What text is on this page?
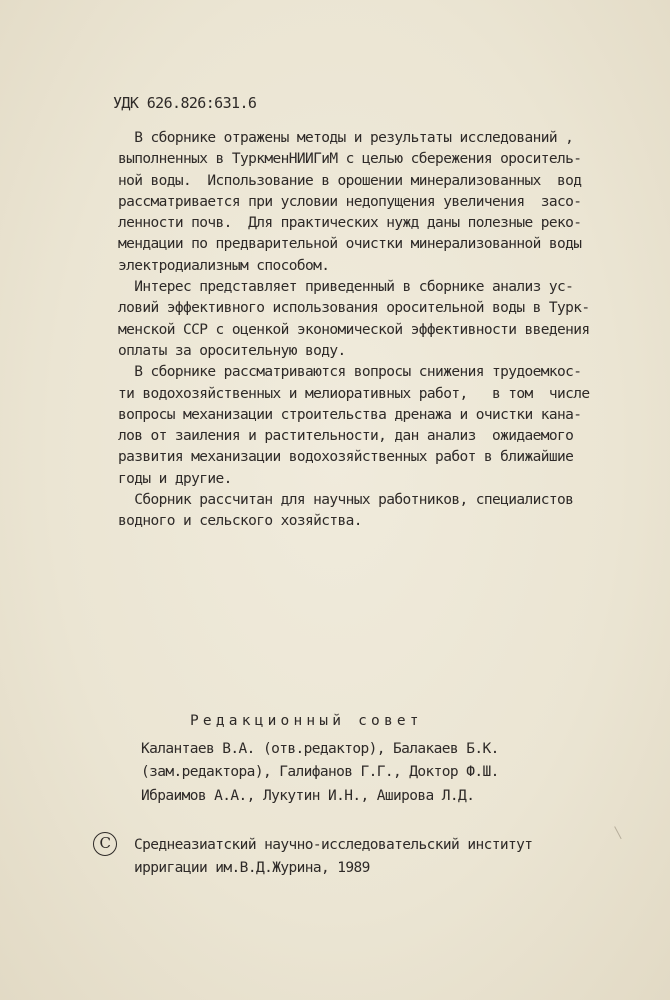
УДК 626.826:631.6
В сборнике отражены методы и результаты исследований ,
выполненных в ТуркменНИИГиМ с целью сбережения ороситель-
ной воды.  Использование в орошении минерализованных  вод
рассматривается при условии недопущения увеличения  засо-
ленности почв.  Для практических нужд даны полезные реко-
мендации по предварительной очистки минерализованной воды
электродиализным способом.
Интерес представляет приведенный в сборнике анализ ус-
ловий эффективного использования оросительной воды в Турк-
менской ССР с оценкой экономической эффективности введения
оплаты за оросительную воду.
В сборнике рассматриваются вопросы снижения трудоемкос-
ти водохозяйственных и мелиоративных работ,   в том  числе
вопросы механизации строительства дренажа и очистки кана-
лов от заиления и растительности, дан анализ  ожидаемого
развития механизации водохозяйственных работ в ближайшие
годы и другие.
Сборник рассчитан для научных работников, специалистов
водного и сельского хозяйства.
Редакционный совет
Калантаев В.А. (отв.редактор), Балакаев Б.К.
(зам.редактора), Галифанов Г.Г., Доктор Ф.Ш.
Ибраимов А.А., Лукутин И.Н., Аширова Л.Д.
C	Среднеазиатский научно-исследовательский институт
ирригации им.В.Д.Журина, 1989
